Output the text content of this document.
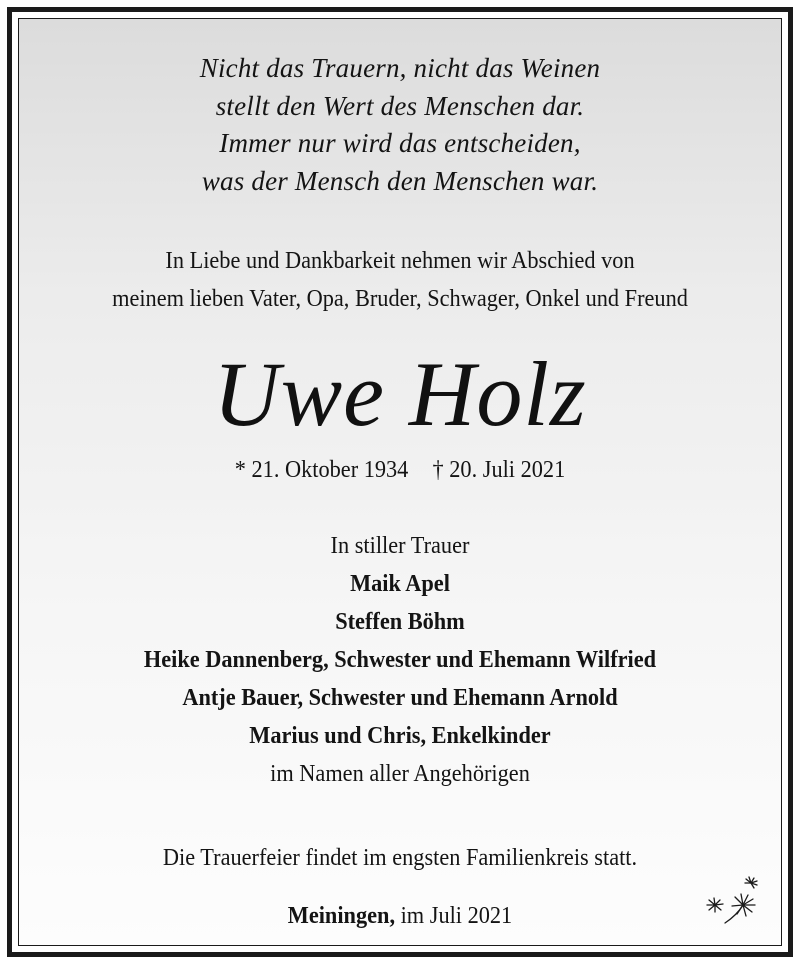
Nicht das Trauern, nicht das Weinen
stellt den Wert des Menschen dar.
Immer nur wird das entscheiden,
was der Mensch den Menschen war.
In Liebe und Dankbarkeit nehmen wir Abschied von
meinem lieben Vater, Opa, Bruder, Schwager, Onkel und Freund
Uwe Holz
* 21. Oktober 1934 † 20. Juli 2021
In stiller Trauer
Maik Apel
Steffen Böhm
Heike Dannenberg, Schwester und Ehemann Wilfried
Antje Bauer, Schwester und Ehemann Arnold
Marius und Chris, Enkelkinder
im Namen aller Angehörigen
Die Trauerfeier findet im engsten Familienkreis statt.
Meiningen, im Juli 2021
